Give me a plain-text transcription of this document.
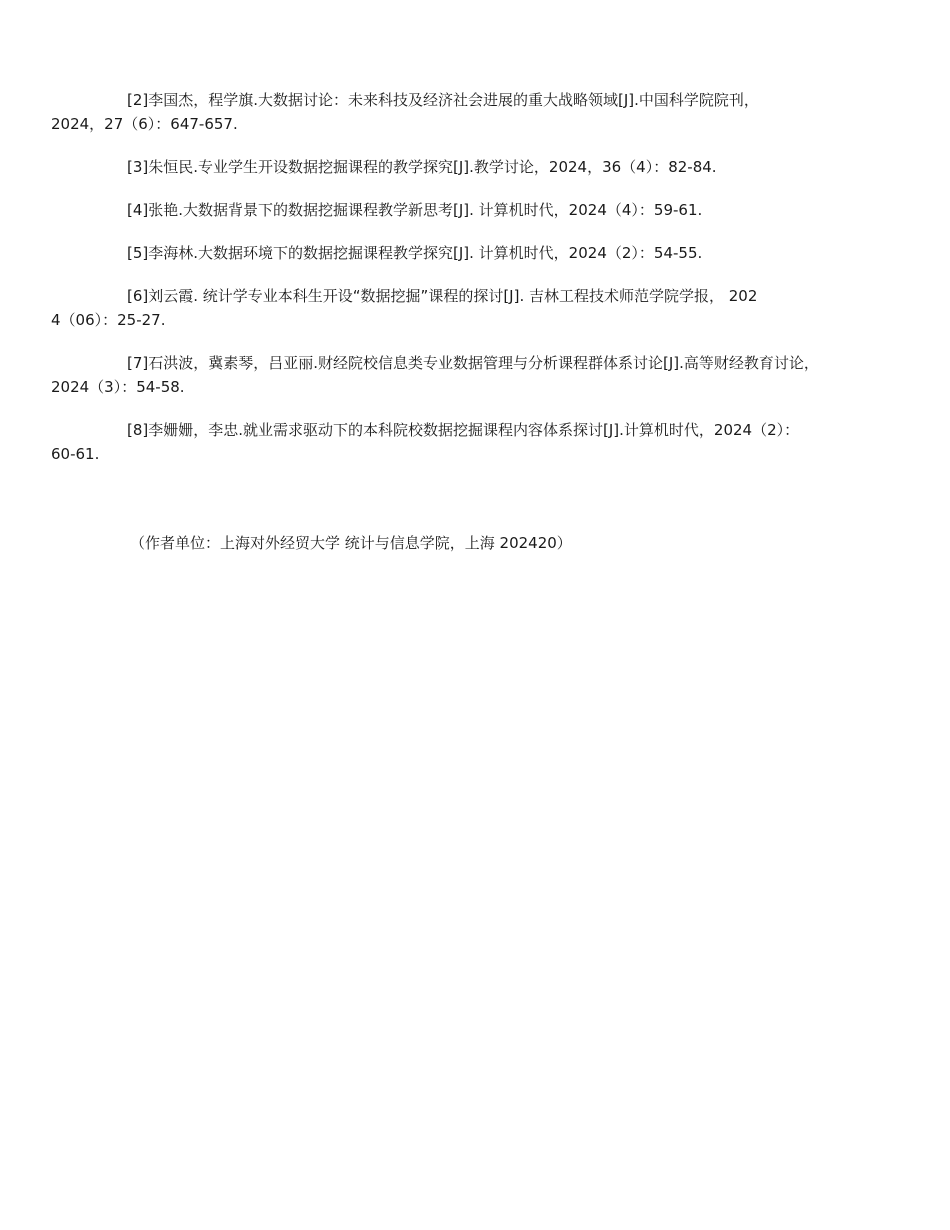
[2]李国杰，程学旗.大数据讨论：未来科技及经济社会进展的重大战略领域[J].中国科学院院刊，
2024，27（6）：647-657.

[3]朱恒民.专业学生开设数据挖掘课程的教学探究[J].教学讨论，2024，36（4）：82-84.

[4]张艳.大数据背景下的数据挖掘课程教学新思考[J]. 计算机时代，2024（4）：59-61.

[5]李海林.大数据环境下的数据挖掘课程教学探究[J]. 计算机时代，2024（2）：54-55.

[6]刘云霞. 统计学专业本科生开设“数据挖掘”课程的探讨[J]. 吉林工程技术师范学院学报， 202
4（06）：25-27.

[7]石洪波，冀素琴，吕亚丽.财经院校信息类专业数据管理与分析课程群体系讨论[J].高等财经教育讨论，
2024（3）：54-58.

[8]李姗姗，李忠.就业需求驱动下的本科院校数据挖掘课程内容体系探讨[J].计算机时代，2024（2）：
60-61.

（作者单位：上海对外经贸大学 统计与信息学院，上海 202420）
